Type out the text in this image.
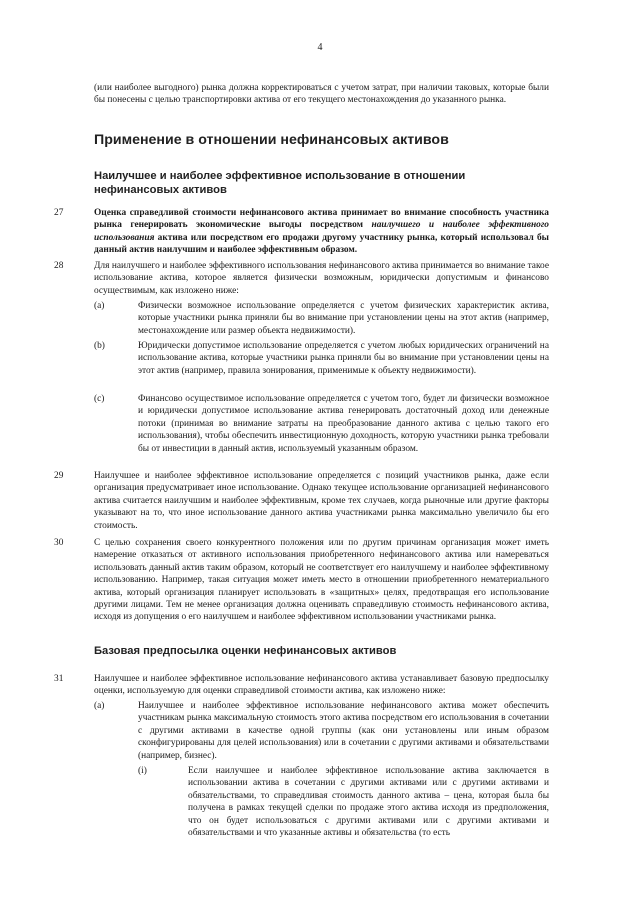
4
(или наиболее выгодного) рынка должна корректироваться с учетом затрат, при наличии таковых, которые были бы понесены с целью транспортировки актива от его текущего местонахождения до указанного рынка.
Применение в отношении нефинансовых активов
Наилучшее и наиболее эффективное использование в отношении нефинансовых активов
27	Оценка справедливой стоимости нефинансового актива принимает во внимание способность участника рынка генерировать экономические выгоды посредством наилучшего и наиболее эффективного использования актива или посредством его продажи другому участнику рынка, который использовал бы данный актив наилучшим и наиболее эффективным образом.
28	Для наилучшего и наиболее эффективного использования нефинансового актива принимается во внимание такое использование актива, которое является физически возможным, юридически допустимым и финансово осуществимым, как изложено ниже:
(a)	Физически возможное использование определяется с учетом физических характеристик актива, которые участники рынка приняли бы во внимание при установлении цены на этот актив (например, местонахождение или размер объекта недвижимости).
(b)	Юридически допустимое использование определяется с учетом любых юридических ограничений на использование актива, которые участники рынка приняли бы во внимание при установлении цены на этот актив (например, правила зонирования, применимые к объекту недвижимости).
(c)	Финансово осуществимое использование определяется с учетом того, будет ли физически возможное и юридически допустимое использование актива генерировать достаточный доход или денежные потоки (принимая во внимание затраты на преобразование данного актива с целью такого его использования), чтобы обеспечить инвестиционную доходность, которую участники рынка требовали бы от инвестиции в данный актив, используемый указанным образом.
29	Наилучшее и наиболее эффективное использование определяется с позиций участников рынка, даже если организация предусматривает иное использование. Однако текущее использование организацией нефинансового актива считается наилучшим и наиболее эффективным, кроме тех случаев, когда рыночные или другие факторы указывают на то, что иное использование данного актива участниками рынка максимально увеличило бы его стоимость.
30	С целью сохранения своего конкурентного положения или по другим причинам организация может иметь намерение отказаться от активного использования приобретенного нефинансового актива или намереваться использовать данный актив таким образом, который не соответствует его наилучшему и наиболее эффективному использованию. Например, такая ситуация может иметь место в отношении приобретенного нематериального актива, который организация планирует использовать в «защитных» целях, предотвращая его использование другими лицами. Тем не менее организация должна оценивать справедливую стоимость нефинансового актива, исходя из допущения о его наилучшем и наиболее эффективном использовании участниками рынка.
Базовая предпосылка оценки нефинансовых активов
31	Наилучшее и наиболее эффективное использование нефинансового актива устанавливает базовую предпосылку оценки, используемую для оценки справедливой стоимости актива, как изложено ниже:
(a)	Наилучшее и наиболее эффективное использование нефинансового актива может обеспечить участникам рынка максимальную стоимость этого актива посредством его использования в сочетании с другими активами в качестве одной группы (как они установлены или иным образом сконфигурированы для целей использования) или в сочетании с другими активами и обязательствами (например, бизнес).
(i)	Если наилучшее и наиболее эффективное использование актива заключается в использовании актива в сочетании с другими активами или с другими активами и обязательствами, то справедливая стоимость данного актива – цена, которая была бы получена в рамках текущей сделки по продаже этого актива исходя из предположения, что он будет использоваться с другими активами или с другими активами и обязательствами и что указанные активы и обязательства (то есть
